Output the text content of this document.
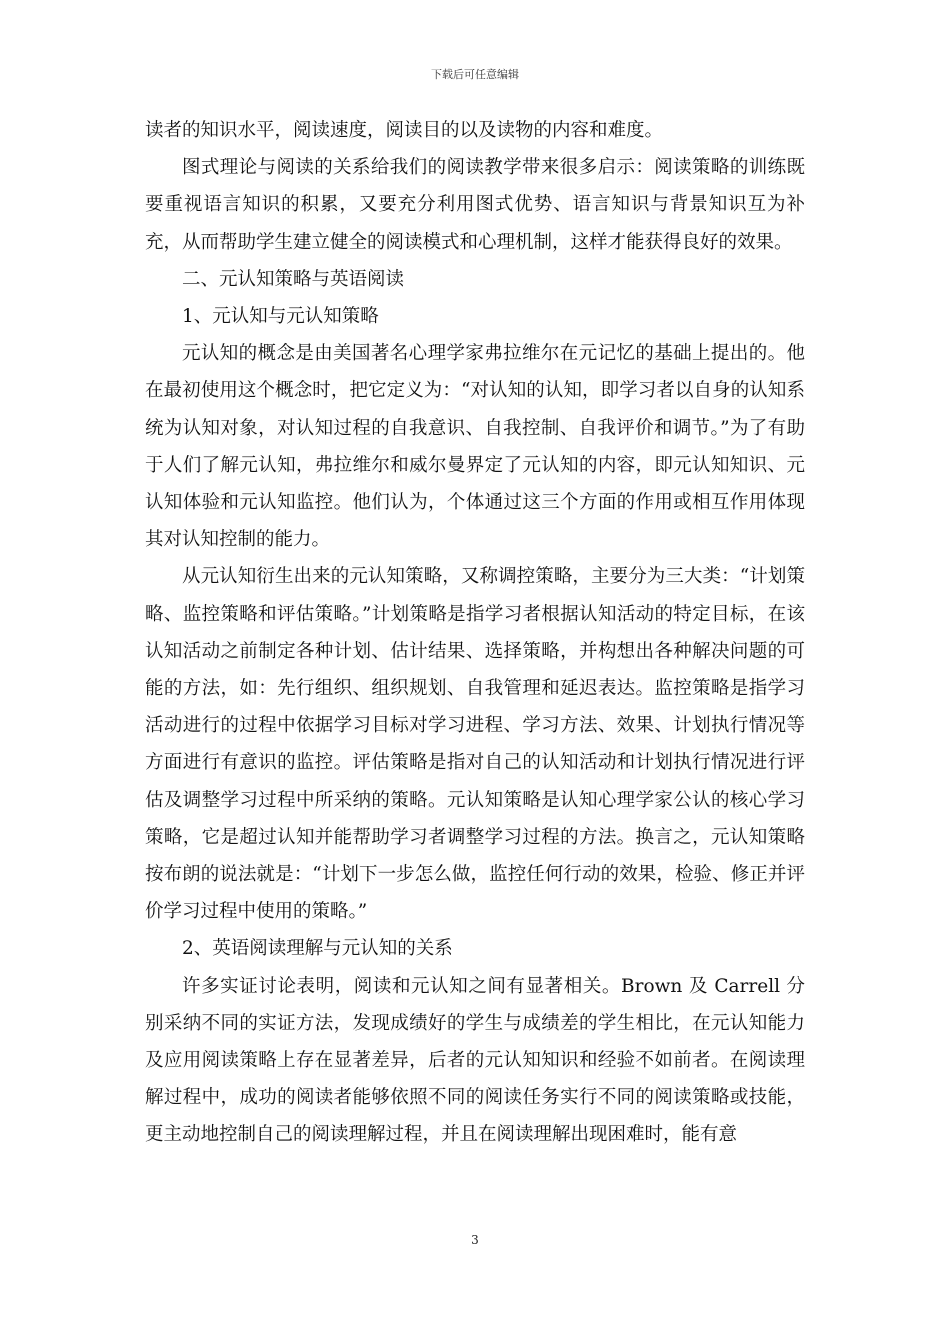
下载后可任意编辑

读者的知识水平，阅读速度，阅读目的以及读物的内容和难度。

图式理论与阅读的关系给我们的阅读教学带来很多启示：阅读策略的训练既要重视语言知识的积累，又要充分利用图式优势、语言知识与背景知识互为补充，从而帮助学生建立健全的阅读模式和心理机制，这样才能获得良好的效果。

二、元认知策略与英语阅读

1、元认知与元认知策略

元认知的概念是由美国著名心理学家弗拉维尔在元记忆的基础上提出的。他在最初使用这个概念时，把它定义为：“对认知的认知，即学习者以自身的认知系统为认知对象，对认知过程的自我意识、自我控制、自我评价和调节。”为了有助于人们了解元认知，弗拉维尔和威尔曼界定了元认知的内容，即元认知知识、元认知体验和元认知监控。他们认为，个体通过这三个方面的作用或相互作用体现其对认知控制的能力。

从元认知衍生出来的元认知策略，又称调控策略，主要分为三大类：“计划策略、监控策略和评估策略。”计划策略是指学习者根据认知活动的特定目标，在该认知活动之前制定各种计划、估计结果、选择策略，并构想出各种解决问题的可能的方法，如：先行组织、组织规划、自我管理和延迟表达。监控策略是指学习活动进行的过程中依据学习目标对学习进程、学习方法、效果、计划执行情况等方面进行有意识的监控。评估策略是指对自己的认知活动和计划执行情况进行评估及调整学习过程中所采纳的策略。元认知策略是认知心理学家公认的核心学习策略，它是超过认知并能帮助学习者调整学习过程的方法。换言之，元认知策略按布朗的说法就是：“计划下一步怎么做，监控任何行动的效果，检验、修正并评价学习过程中使用的策略。”

2、英语阅读理解与元认知的关系

许多实证讨论表明，阅读和元认知之间有显著相关。Brown 及 Carrell 分别采纳不同的实证方法，发现成绩好的学生与成绩差的学生相比，在元认知能力及应用阅读策略上存在显著差异，后者的元认知知识和经验不如前者。在阅读理解过程中，成功的阅读者能够依照不同的阅读任务实行不同的阅读策略或技能，更主动地控制自己的阅读理解过程，并且在阅读理解出现困难时，能有意

3
